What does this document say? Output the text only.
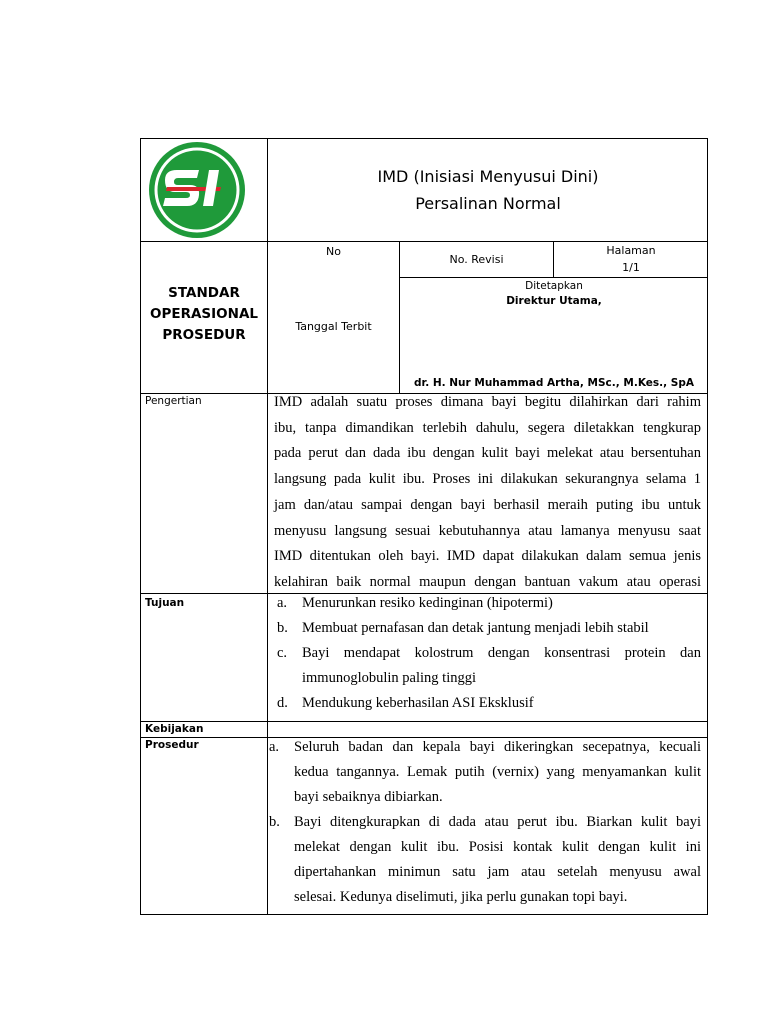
IMD (Inisiasi Menyusui Dini)
Persalinan Normal
STANDAR
OPERASIONAL
PROSEDUR
No
No. Revisi
Halaman
1/1
Tanggal Terbit
Ditetapkan
Direktur Utama,
dr. H. Nur Muhammad Artha, MSc., M.Kes., SpA
Pengertian
Tujuan
Kebijakan
Prosedur
IMD adalah suatu proses dimana bayi begitu dilahirkan dari rahim
ibu, tanpa dimandikan terlebih dahulu, segera diletakkan tengkurap
pada perut dan dada ibu dengan kulit bayi melekat atau bersentuhan
langsung pada kulit ibu. Proses ini dilakukan sekurangnya selama 1
jam dan/atau sampai dengan bayi berhasil meraih puting ibu untuk
menyusu langsung sesuai kebutuhannya atau lamanya menyusu saat
IMD ditentukan oleh bayi. IMD dapat dilakukan dalam semua jenis
kelahiran baik normal maupun dengan bantuan vakum atau operasi
a. Menurunkan resiko kedinginan (hipotermi)
b. Membuat pernafasan dan detak jantung menjadi lebih stabil
c. Bayi mendapat kolostrum dengan konsentrasi protein dan
immunoglobulin paling tinggi
d. Mendukung keberhasilan ASI Eksklusif
a. Seluruh badan dan kepala bayi dikeringkan secepatnya, kecuali
kedua tangannya. Lemak putih (vernix) yang menyamankan kulit
bayi sebaiknya dibiarkan.
b. Bayi ditengkurapkan di dada atau perut ibu. Biarkan kulit bayi
melekat dengan kulit ibu. Posisi kontak kulit dengan kulit ini
dipertahankan minimun satu jam atau setelah menyusu awal
selesai. Kedunya diselimuti, jika perlu gunakan topi bayi.
